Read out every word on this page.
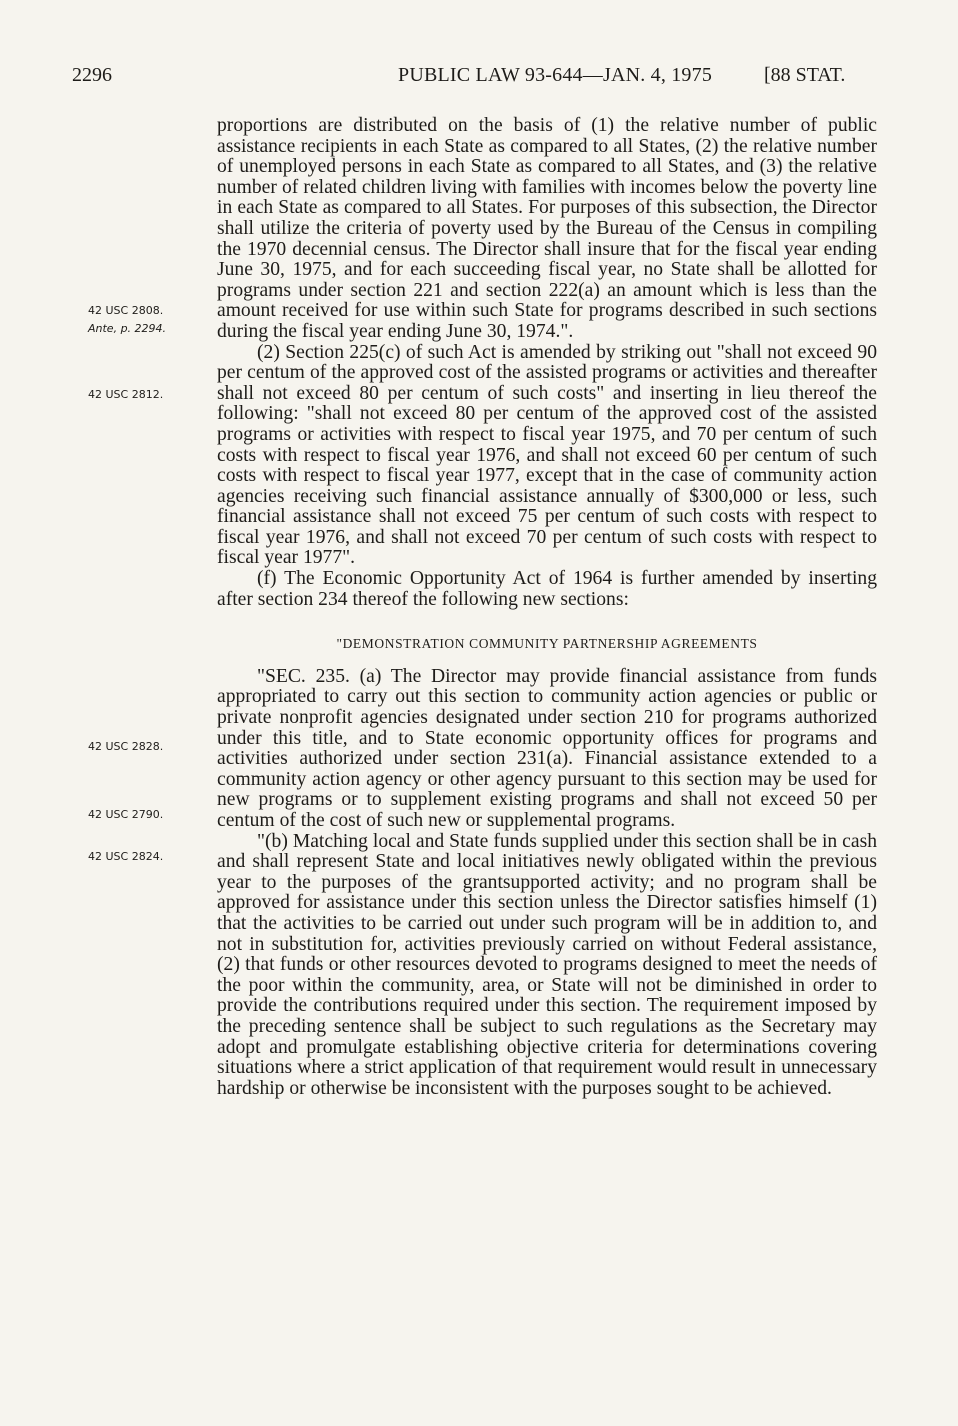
2296	PUBLIC LAW 93-644—JAN. 4, 1975	[88 STAT.
42 USC 2808.
Ante, p. 2294.
42 USC 2812.
42 USC 2828.
42 USC 2790.
42 USC 2824.

proportions are distributed on the basis of (1) the relative number of public assistance recipients in each State as compared to all States, (2) the relative number of unemployed persons in each State as compared to all States, and (3) the relative number of related children living with families with incomes below the poverty line in each State as compared to all States. For purposes of this subsection, the Director shall utilize the criteria of poverty used by the Bureau of the Census in compiling the 1970 decennial census. The Director shall insure that for the fiscal year ending June 30, 1975, and for each succeeding fiscal year, no State shall be allotted for programs under section 221 and section 222(a) an amount which is less than the amount received for use within such State for programs described in such sections during the fiscal year ending June 30, 1974.".

(2) Section 225(c) of such Act is amended by striking out "shall not exceed 90 per centum of the approved cost of the assisted programs or activities and thereafter shall not exceed 80 per centum of such costs" and inserting in lieu thereof the following: "shall not exceed 80 per centum of the approved cost of the assisted programs or activities with respect to fiscal year 1975, and 70 per centum of such costs with respect to fiscal year 1976, and shall not exceed 60 per centum of such costs with respect to fiscal year 1977, except that in the case of community action agencies receiving such financial assistance annually of $300,000 or less, such financial assistance shall not exceed 75 per centum of such costs with respect to fiscal year 1976, and shall not exceed 70 per centum of such costs with respect to fiscal year 1977".

(f) The Economic Opportunity Act of 1964 is further amended by inserting after section 234 thereof the following new sections:

"DEMONSTRATION COMMUNITY PARTNERSHIP AGREEMENTS

"SEC. 235. (a) The Director may provide financial assistance from funds appropriated to carry out this section to community action agencies or public or private nonprofit agencies designated under section 210 for programs authorized under this title, and to State economic opportunity offices for programs and activities authorized under section 231(a). Financial assistance extended to a community action agency or other agency pursuant to this section may be used for new programs or to supplement existing programs and shall not exceed 50 per centum of the cost of such new or supplemental programs.

"(b) Matching local and State funds supplied under this section shall be in cash and shall represent State and local initiatives newly obligated within the previous year to the purposes of the grantsupported activity; and no program shall be approved for assistance under this section unless the Director satisfies himself (1) that the activities to be carried out under such program will be in addition to, and not in substitution for, activities previously carried on without Federal assistance, (2) that funds or other resources devoted to programs designed to meet the needs of the poor within the community, area, or State will not be diminished in order to provide the contributions required under this section. The requirement imposed by the preceding sentence shall be subject to such regulations as the Secretary may adopt and promulgate establishing objective criteria for determinations covering situations where a strict application of that requirement would result in unnecessary hardship or otherwise be inconsistent with the purposes sought to be achieved.
